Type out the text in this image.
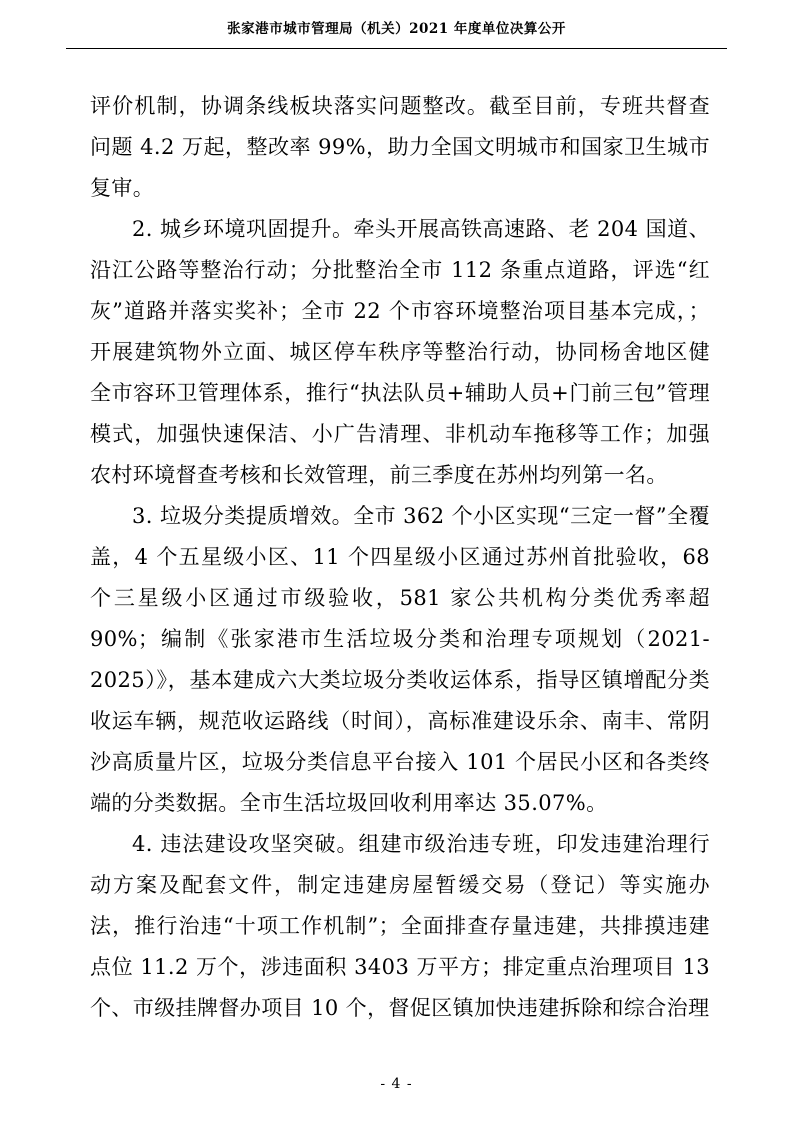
张家港市城市管理局（机关）2021 年度单位决算公开

评价机制，协调条线板块落实问题整改。截至目前，专班共督查问题 4.2 万起，整改率 99%，助力全国文明城市和国家卫生城市复审。

2. 城乡环境巩固提升。牵头开展高铁高速路、老 204 国道、沿江公路等整治行动；分批整治全市 112 条重点道路，评选“红灰”道路并落实奖补；全市 22 个市容环境整治项目基本完成，；开展建筑物外立面、城区停车秩序等整治行动，协同杨舍地区健全市容环卫管理体系，推行“执法队员+辅助人员+门前三包”管理模式，加强快速保洁、小广告清理、非机动车拖移等工作；加强农村环境督查考核和长效管理，前三季度在苏州均列第一名。

3. 垃圾分类提质增效。全市 362 个小区实现“三定一督”全覆盖，4 个五星级小区、11 个四星级小区通过苏州首批验收，68 个三星级小区通过市级验收，581 家公共机构分类优秀率超 90%；编制《张家港市生活垃圾分类和治理专项规划（2021-2025）》，基本建成六大类垃圾分类收运体系，指导区镇增配分类收运车辆，规范收运路线（时间），高标准建设乐余、南丰、常阴沙高质量片区，垃圾分类信息平台接入 101 个居民小区和各类终端的分类数据。全市生活垃圾回收利用率达 35.07%。

4. 违法建设攻坚突破。组建市级治违专班，印发违建治理行动方案及配套文件，制定违建房屋暂缓交易（登记）等实施办法，推行治违“十项工作机制”；全面排查存量违建，共排摸违建点位 11.2 万个，涉违面积 3403 万平方；排定重点治理项目 13 个、市级挂牌督办项目 10 个，督促区镇加快违建拆除和综合治理

- 4 -
